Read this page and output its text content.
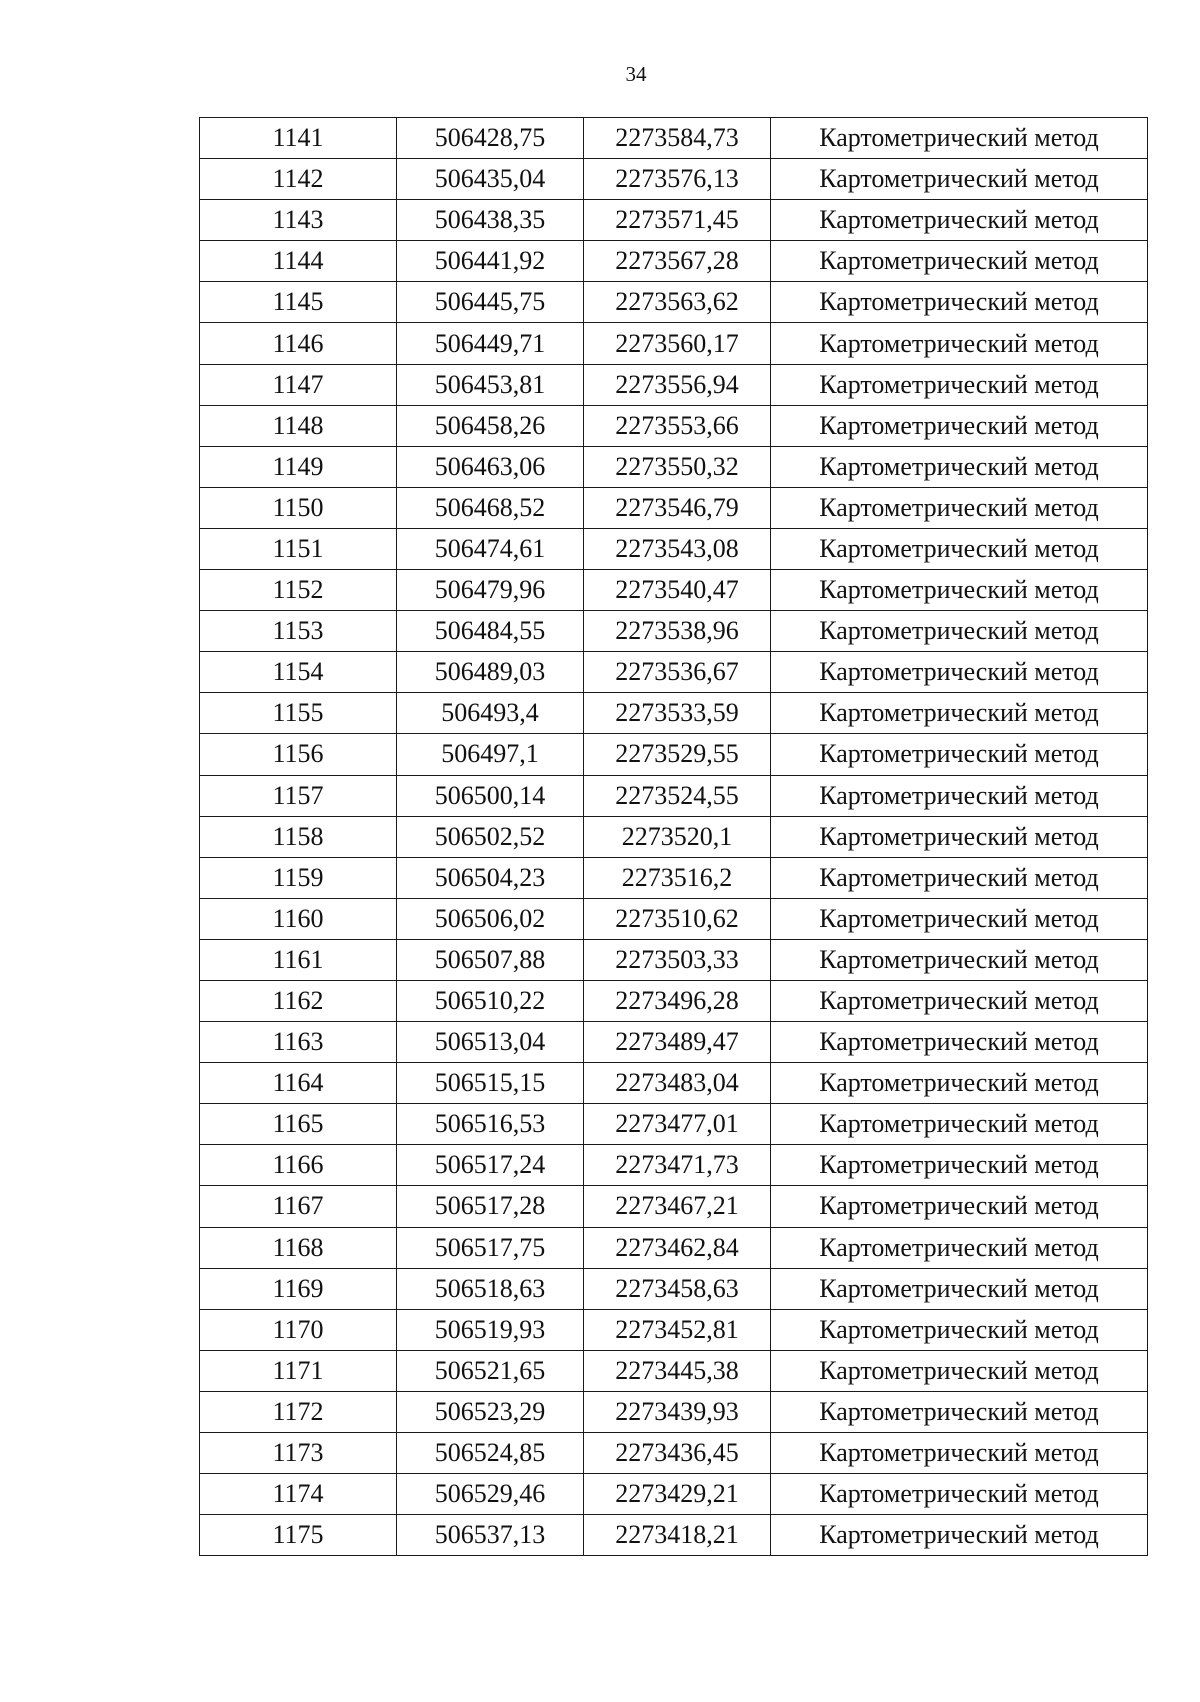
34
1141	506428,75	2273584,73	Картометрический метод
1142	506435,04	2273576,13	Картометрический метод
1143	506438,35	2273571,45	Картометрический метод
1144	506441,92	2273567,28	Картометрический метод
1145	506445,75	2273563,62	Картометрический метод
1146	506449,71	2273560,17	Картометрический метод
1147	506453,81	2273556,94	Картометрический метод
1148	506458,26	2273553,66	Картометрический метод
1149	506463,06	2273550,32	Картометрический метод
1150	506468,52	2273546,79	Картометрический метод
1151	506474,61	2273543,08	Картометрический метод
1152	506479,96	2273540,47	Картометрический метод
1153	506484,55	2273538,96	Картометрический метод
1154	506489,03	2273536,67	Картометрический метод
1155	506493,4	2273533,59	Картометрический метод
1156	506497,1	2273529,55	Картометрический метод
1157	506500,14	2273524,55	Картометрический метод
1158	506502,52	2273520,1	Картометрический метод
1159	506504,23	2273516,2	Картометрический метод
1160	506506,02	2273510,62	Картометрический метод
1161	506507,88	2273503,33	Картометрический метод
1162	506510,22	2273496,28	Картометрический метод
1163	506513,04	2273489,47	Картометрический метод
1164	506515,15	2273483,04	Картометрический метод
1165	506516,53	2273477,01	Картометрический метод
1166	506517,24	2273471,73	Картометрический метод
1167	506517,28	2273467,21	Картометрический метод
1168	506517,75	2273462,84	Картометрический метод
1169	506518,63	2273458,63	Картометрический метод
1170	506519,93	2273452,81	Картометрический метод
1171	506521,65	2273445,38	Картометрический метод
1172	506523,29	2273439,93	Картометрический метод
1173	506524,85	2273436,45	Картометрический метод
1174	506529,46	2273429,21	Картометрический метод
1175	506537,13	2273418,21	Картометрический метод
